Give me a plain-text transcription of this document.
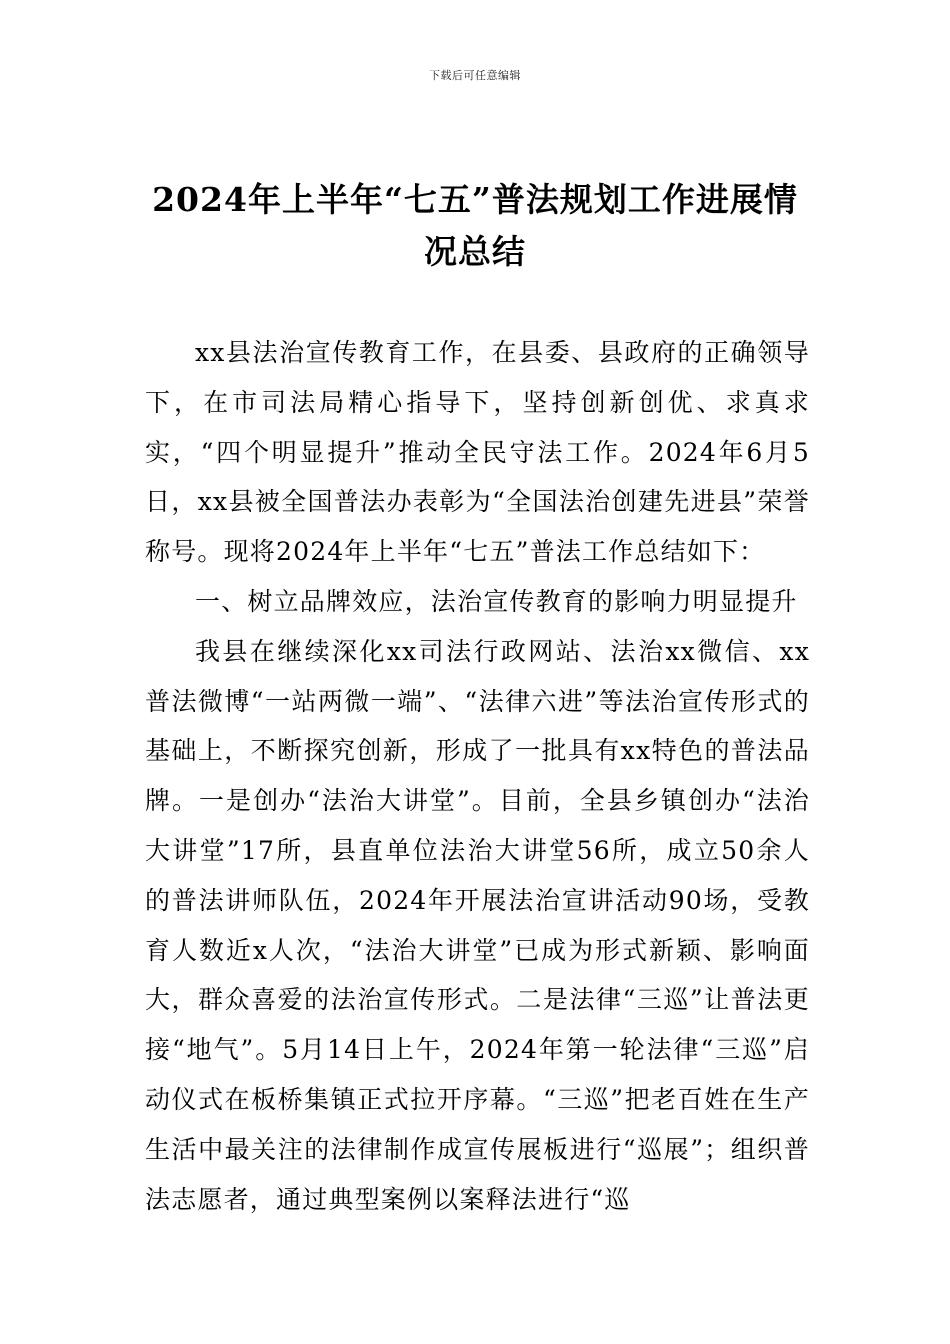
下载后可任意编辑
2024年上半年“七五”普法规划工作进展情况总结

xx县法治宣传教育工作，在县委、县政府的正确领导下，在市司法局精心指导下，坚持创新创优、求真求实，“四个明显提升”推动全民守法工作。2024年6月5日，xx县被全国普法办表彰为“全国法治创建先进县”荣誉称号。现将2024年上半年“七五”普法工作总结如下：

一、树立品牌效应，法治宣传教育的影响力明显提升

我县在继续深化xx司法行政网站、法治xx微信、xx普法微博“一站两微一端”、“法律六进”等法治宣传形式的基础上，不断探究创新，形成了一批具有xx特色的普法品牌。一是创办“法治大讲堂”。目前，全县乡镇创办“法治大讲堂”17所，县直单位法治大讲堂56所，成立50余人的普法讲师队伍，2024年开展法治宣讲活动90场，受教育人数近x人次，“法治大讲堂”已成为形式新颖、影响面大，群众喜爱的法治宣传形式。二是法律“三巡”让普法更接“地气”。5月14日上午，2024年第一轮法律“三巡”启动仪式在板桥集镇正式拉开序幕。“三巡”把老百姓在生产生活中最关注的法律制作成宣传展板进行“巡展”；组织普法志愿者，通过典型案例以案释法进行“巡
